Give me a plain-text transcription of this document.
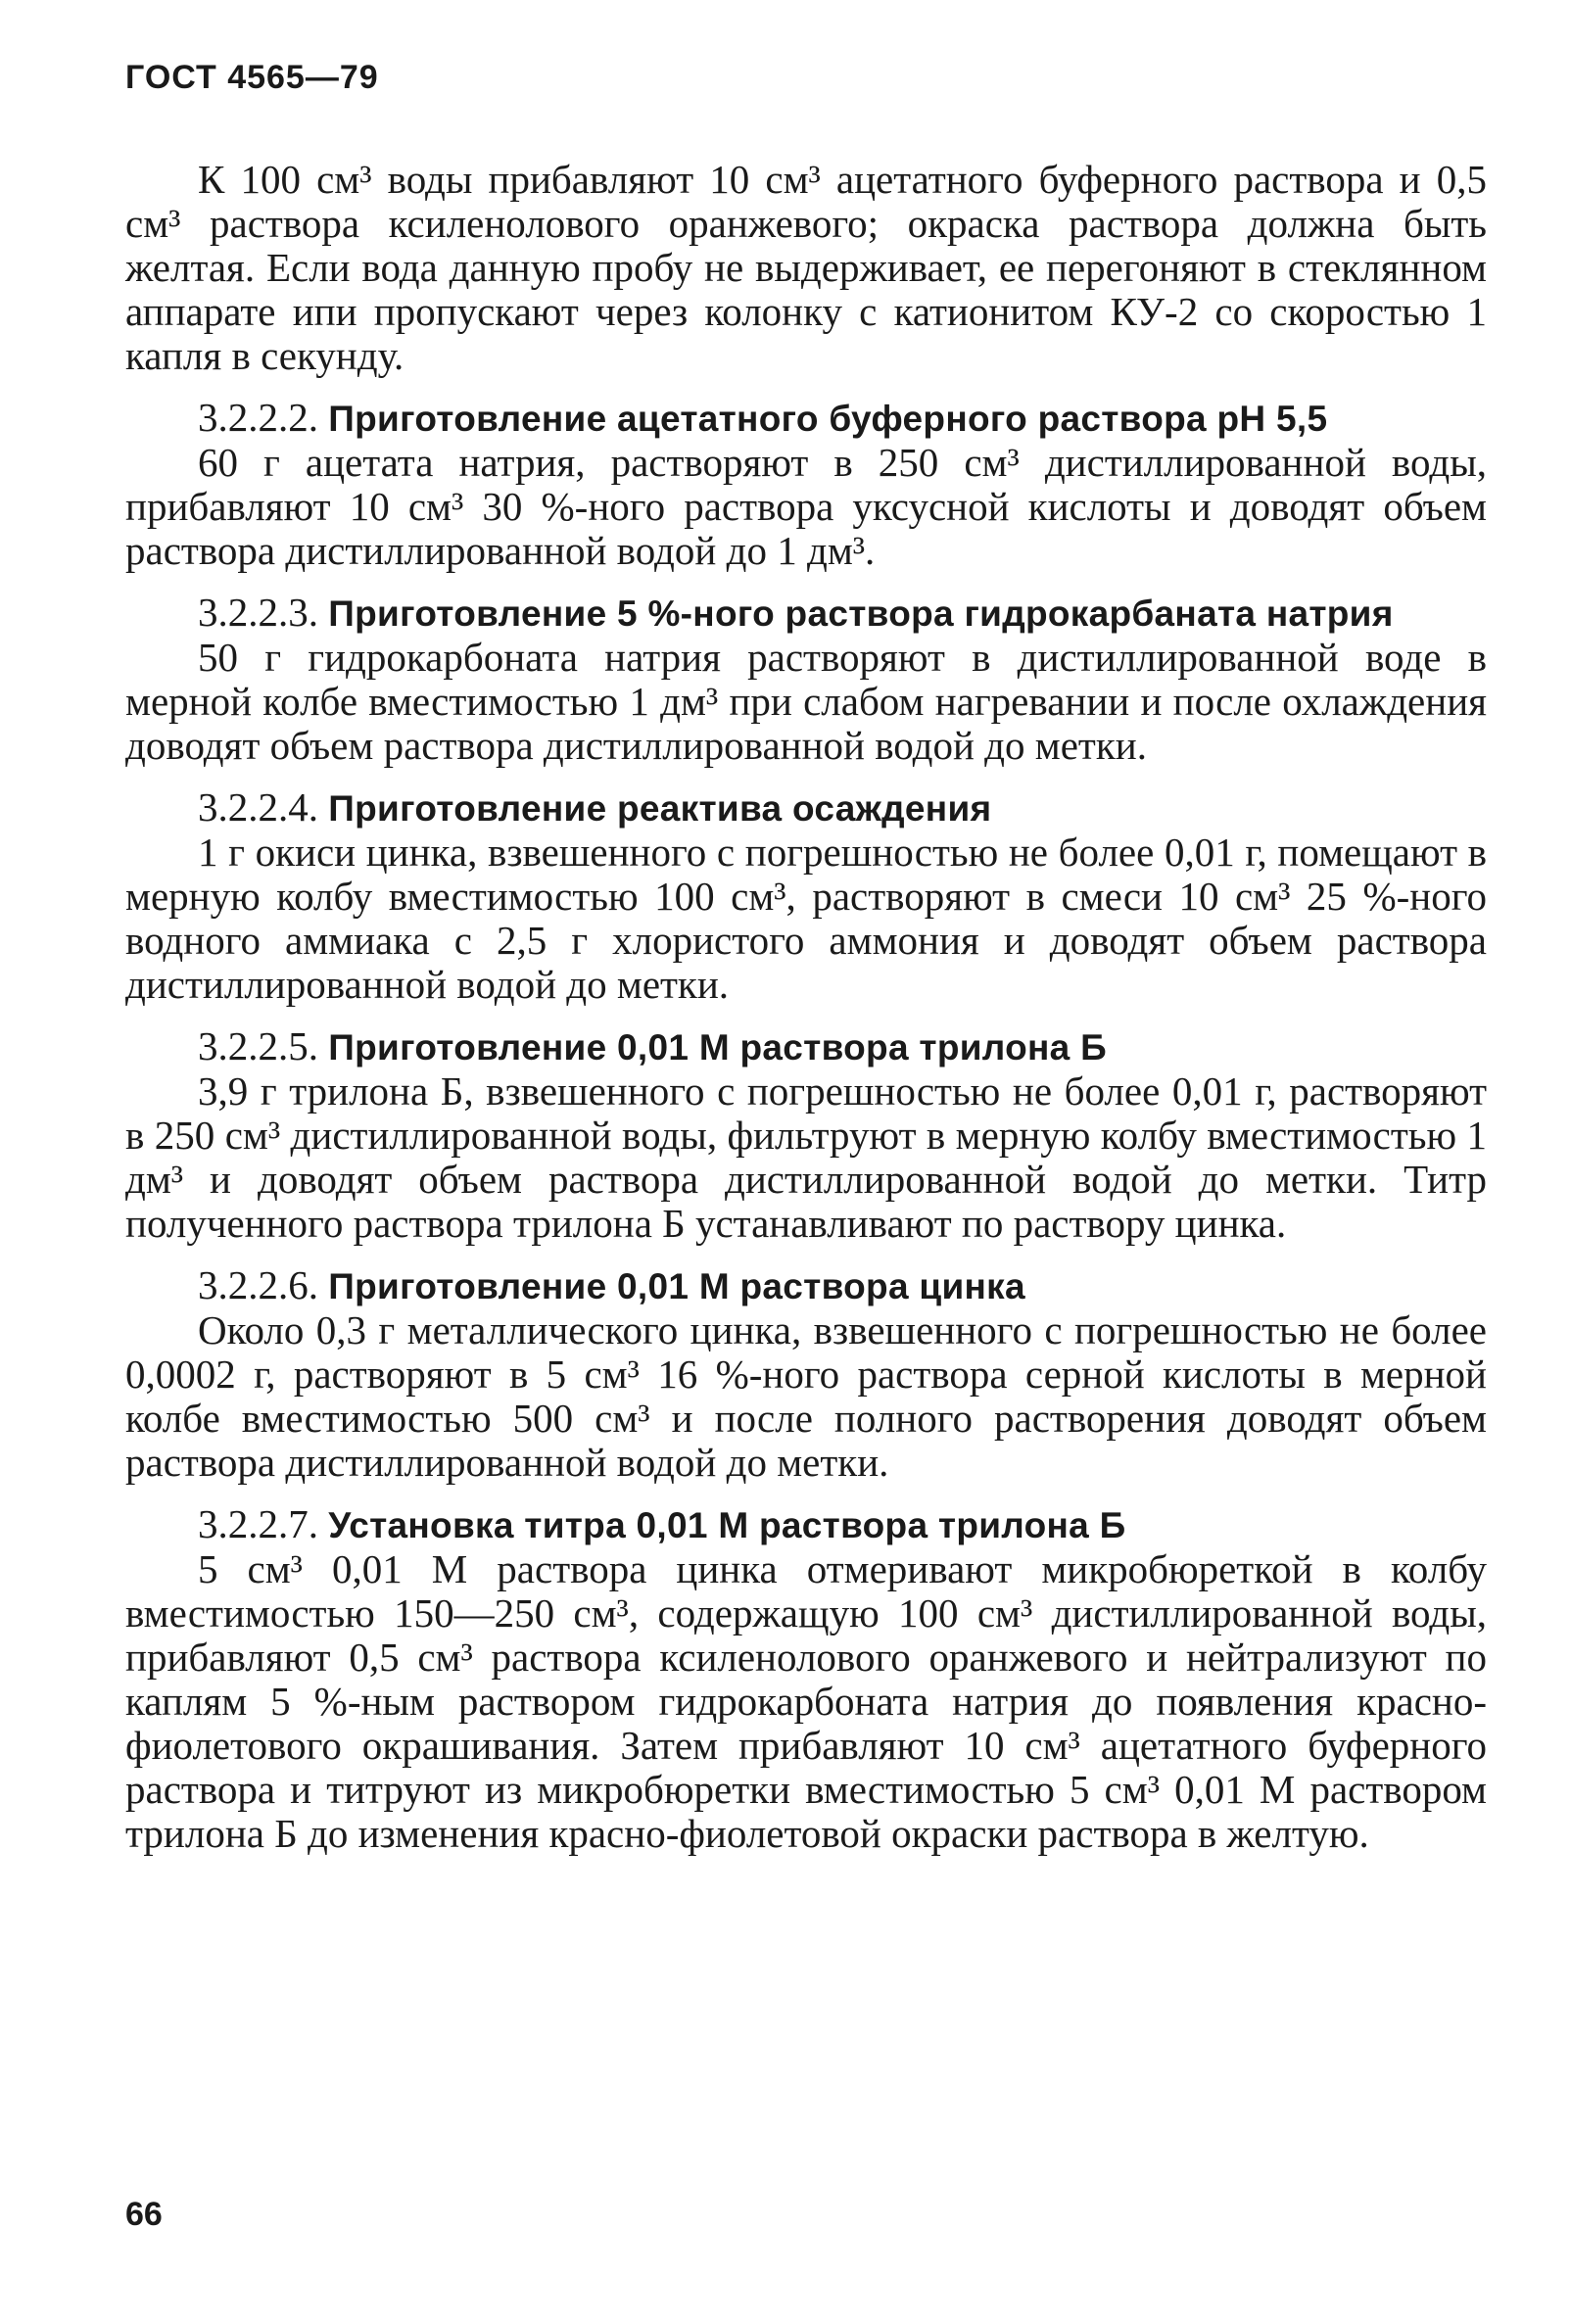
ГОСТ 4565—79

К 100 см³ воды прибавляют 10 см³ ацетатного буферного раствора и 0,5 см³ раствора ксиленолового оранжевого; окраска раствора должна быть желтая. Если вода данную пробу не выдерживает, ее перегоняют в стеклянном аппарате ипи пропускают через колонку с катионитом КУ-2 со скоростью 1 капля в секунду.

3.2.2.2. Приготовление ацетатного буферного раствора pH 5,5

60 г ацетата натрия, растворяют в 250 см³ дистиллированной воды, прибавляют 10 см³ 30 %-ного раствора уксусной кислоты и доводят объем раствора дистиллированной водой до 1 дм³.

3.2.2.3. Приготовление 5 %-ного раствора гидрокарбаната натрия

50 г гидрокарбоната натрия растворяют в дистиллированной воде в мерной колбе вместимостью 1 дм³ при слабом нагревании и после охлаждения доводят объем раствора дистиллированной водой до метки.

3.2.2.4. Приготовление реактива осаждения

1 г окиси цинка, взвешенного с погрешностью не более 0,01 г, помещают в мерную колбу вместимостью 100 см³, растворяют в смеси 10 см³ 25 %-ного водного аммиака с 2,5 г хлористого аммония и доводят объем раствора дистиллированной водой до метки.

3.2.2.5. Приготовление 0,01 М раствора трилона Б

3,9 г трилона Б, взвешенного с погрешностью не более 0,01 г, растворяют в 250 см³ дистиллированной воды, фильтруют в мерную колбу вместимостью 1 дм³ и доводят объем раствора дистиллированной водой до метки. Титр полученного раствора трилона Б устанавливают по раствору цинка.

3.2.2.6. Приготовление 0,01 М раствора цинка

Около 0,3 г металлического цинка, взвешенного с погрешностью не более 0,0002 г, растворяют в 5 см³ 16 %-ного раствора серной кислоты в мерной колбе вместимостью 500 см³ и после полного растворения доводят объем раствора дистиллированной водой до метки.

3.2.2.7. Установка титра 0,01 М раствора трилона Б

5 см³ 0,01 М раствора цинка отмеривают микробюреткой в колбу вместимостью 150—250 см³, содержащую 100 см³ дистиллированной воды, прибавляют 0,5 см³ раствора ксиленолового оранжевого и нейтрализуют по каплям 5 %-ным раствором гидрокарбоната натрия до появления красно-фиолетового окрашивания. Затем прибавляют 10 см³ ацетатного буферного раствора и титруют из микробюретки вместимостью 5 см³ 0,01 М раствором трилона Б до изменения красно-фиолетовой окраски раствора в желтую.

66
